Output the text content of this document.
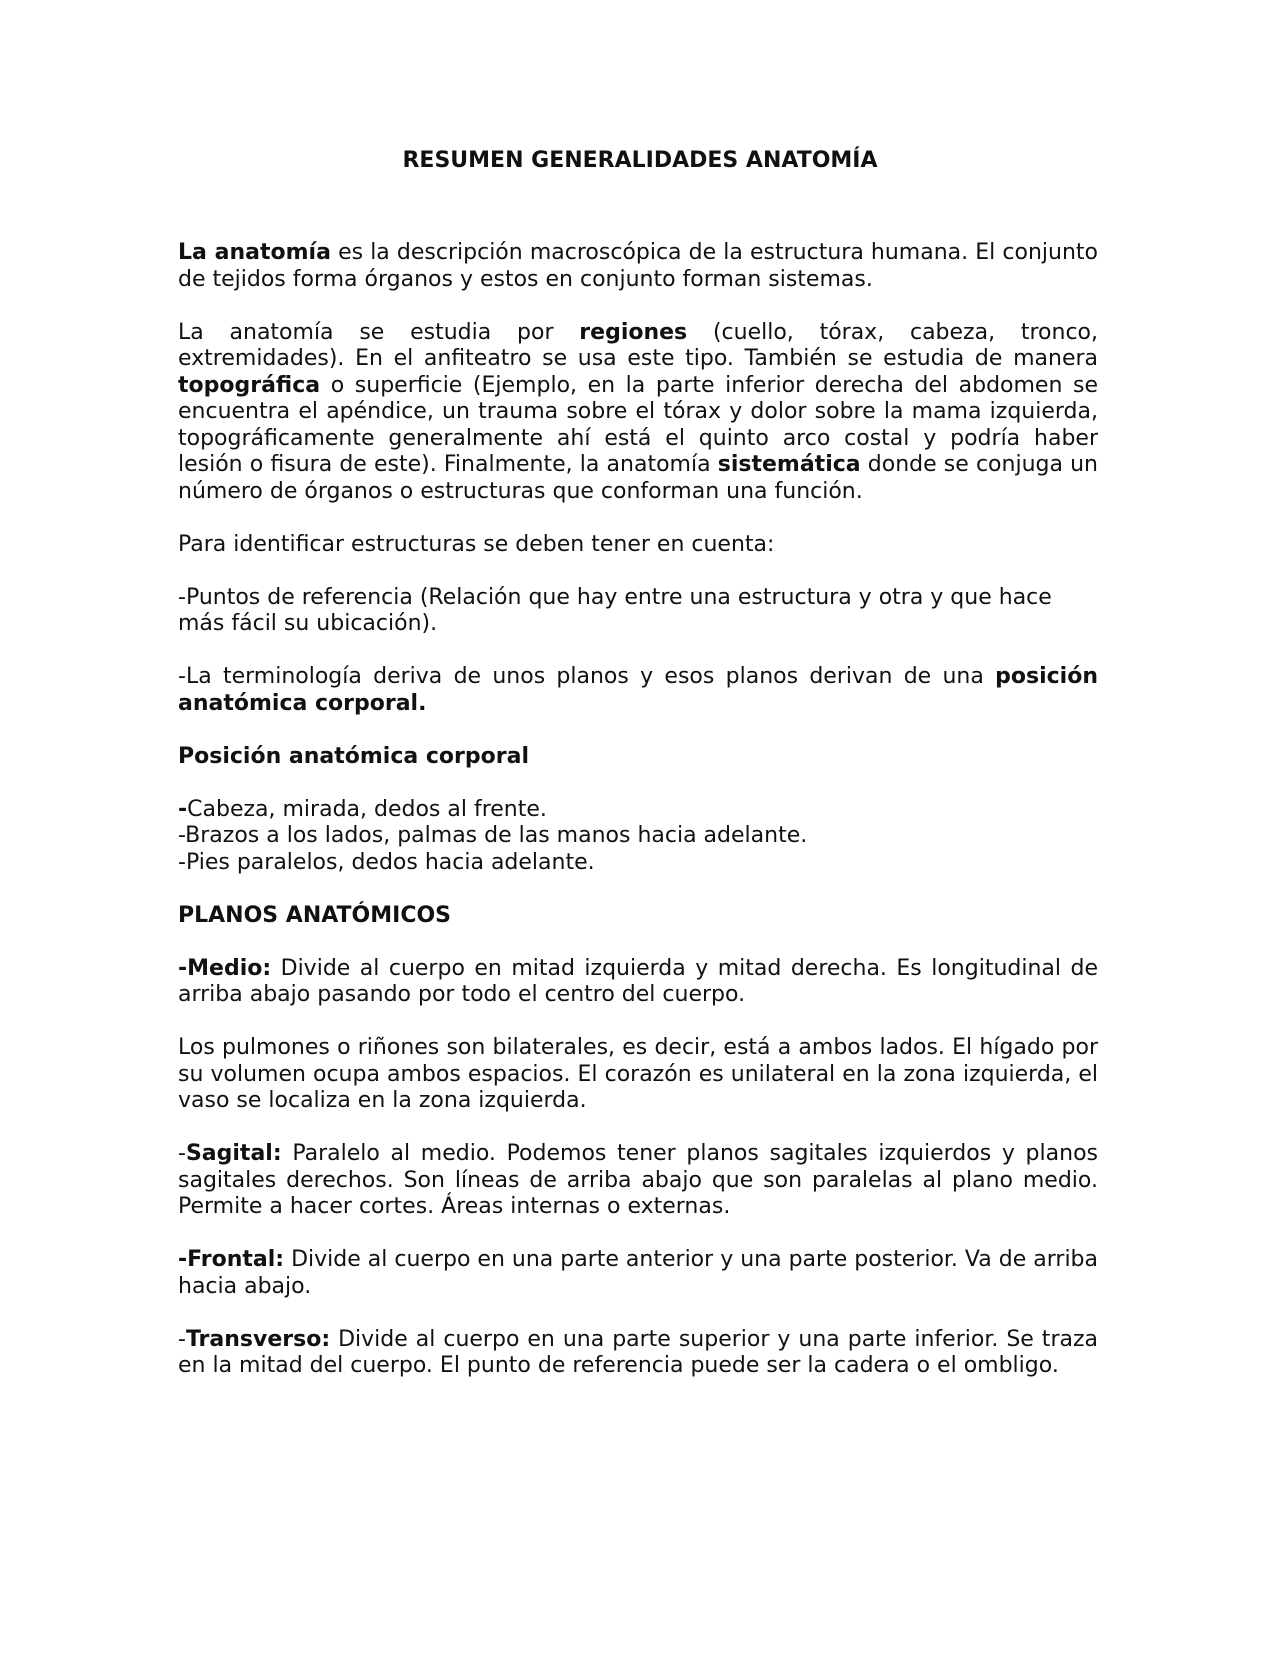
RESUMEN GENERALIDADES ANATOMÍA

La anatomía es la descripción macroscópica de la estructura humana. El conjunto de tejidos forma órganos y estos en conjunto forman sistemas.

La anatomía se estudia por regiones (cuello, tórax, cabeza, tronco, extremidades). En el anfiteatro se usa este tipo. También se estudia de manera topográfica o superficie (Ejemplo, en la parte inferior derecha del abdomen se encuentra el apéndice, un trauma sobre el tórax y dolor sobre la mama izquierda, topográficamente generalmente ahí está el quinto arco costal y podría haber lesión o fisura de este). Finalmente, la anatomía sistemática donde se conjuga un número de órganos o estructuras que conforman una función.

Para identificar estructuras se deben tener en cuenta:

-Puntos de referencia (Relación que hay entre una estructura y otra y que hace más fácil su ubicación).

-La terminología deriva de unos planos y esos planos derivan de una posición anatómica corporal.

Posición anatómica corporal

-Cabeza, mirada, dedos al frente.
-Brazos a los lados, palmas de las manos hacia adelante.
-Pies paralelos, dedos hacia adelante.

PLANOS ANATÓMICOS

-Medio: Divide al cuerpo en mitad izquierda y mitad derecha. Es longitudinal de arriba abajo pasando por todo el centro del cuerpo.

Los pulmones o riñones son bilaterales, es decir, está a ambos lados. El hígado por su volumen ocupa ambos espacios. El corazón es unilateral en la zona izquierda, el vaso se localiza en la zona izquierda.

-Sagital: Paralelo al medio. Podemos tener planos sagitales izquierdos y planos sagitales derechos. Son líneas de arriba abajo que son paralelas al plano medio. Permite a hacer cortes. Áreas internas o externas.

-Frontal: Divide al cuerpo en una parte anterior y una parte posterior. Va de arriba hacia abajo.

-Transverso: Divide al cuerpo en una parte superior y una parte inferior. Se traza en la mitad del cuerpo. El punto de referencia puede ser la cadera o el ombligo.
